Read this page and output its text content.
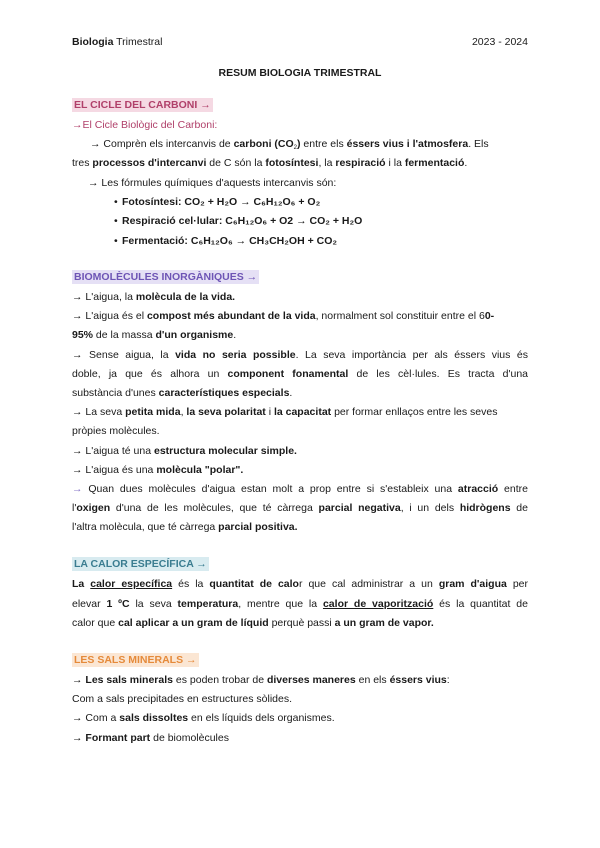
Biologia Trimestral	2023 - 2024
RESUM BIOLOGIA TRIMESTRAL
EL CICLE DEL CARBONI →
→El Cicle Biològic del Carboni:
→ Comprèn els intercanvis de carboni $(CO_2)$ entre els éssers vius i l'atmosfera. Els
tres processos d'intercanvi de C són la fotosíntesi, la respiració i la fermentació.
→ Les fórmules químiques d'aquests intercanvis són:
• Fotosíntesi: CO₂ + H₂O → C₆H₁₂O₆ + O₂
• Respiració cel·lular: C₆H₁₂O₆ + O2 → CO₂ + H₂O
• Fermentació: C₆H₁₂O₆ → CH₃CH₂OH + CO₂
BIOMOLÈCULES INORGÀNIQUES →
→ L'aigua, la molècula de la vida.
→ L'aigua és el compost més abundant de la vida, normalment sol constituir entre el 60-
95% de la massa d'un organisme.
→ Sense aigua, la vida no seria possible. La seva importància per als éssers vius és
doble, ja que és alhora un component fonamental de les cèl·lules. Es tracta d'una
substància d'unes característiques especials.
→ La seva petita mida, la seva polaritat i la capacitat per formar enllaços entre les seves
pròpies molècules.
→ L'aigua té una estructura molecular simple.
→ L'aigua és una molècula "polar".
→ Quan dues molècules d'aigua estan molt a prop entre si s'estableix una atracció entre
l'oxigen d'una de les molècules, que té càrrega parcial negativa, i un dels hidrògens de
l'altra molècula, que té càrrega parcial positiva.
LA CALOR ESPECÍFICA →
La calor específica és la quantitat de calor que cal administrar a un gram d'aigua per
elevar 1 ºC la seva temperatura, mentre que la calor de vaporització és la quantitat de
calor que cal aplicar a un gram de líquid perquè passi a un gram de vapor.
LES SALS MINERALS →
→ Les sals minerals es poden trobar de diverses maneres en els éssers vius:
Com a sals precipitades en estructures sòlides.
→ Com a sals dissoltes en els líquids dels organismes.
→ Formant part de biomolècules
